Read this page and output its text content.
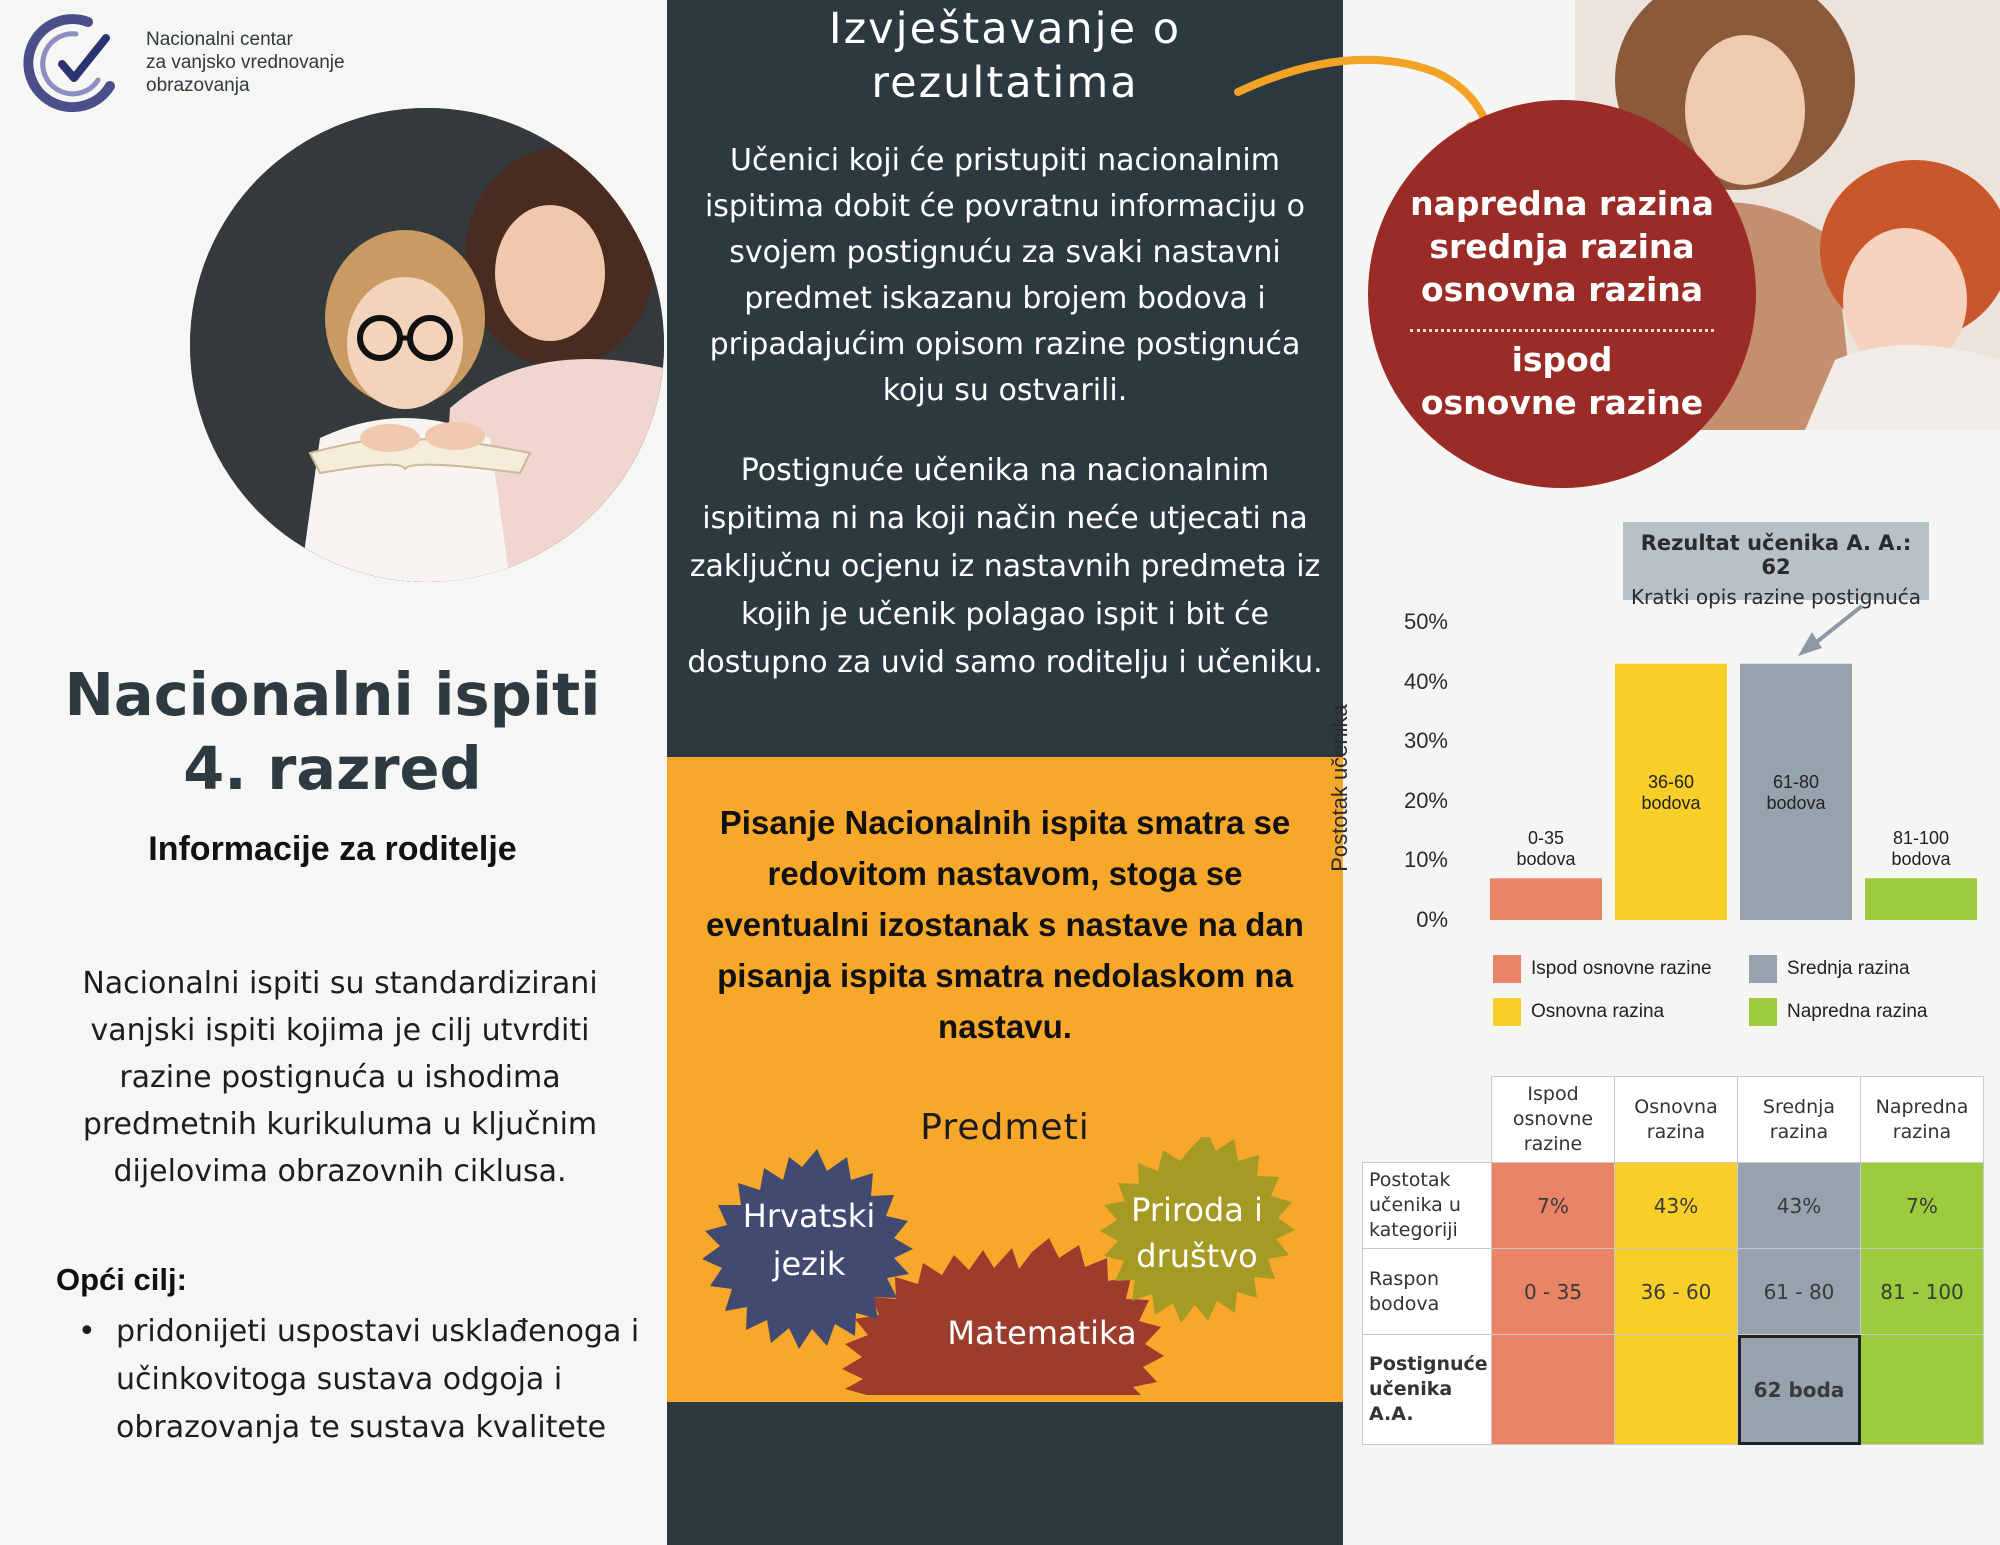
Nacionalni centar
za vanjsko vrednovanje
obrazovanja
Nacionalni ispiti
4. razred
Informacije za roditelje
Nacionalni ispiti su standardizirani vanjski ispiti kojima je cilj utvrditi razine postignuća u ishodima predmetnih kurikuluma u ključnim dijelovima obrazovnih ciklusa.
Opći cilj:
• pridonijeti uspostavi usklađenoga i učinkovitoga sustava odgoja i obrazovanja te sustava kvalitete
Izvještavanje o rezultatima
Učenici koji će pristupiti nacionalnim ispitima dobit će povratnu informaciju o svojem postignuću za svaki nastavni predmet iskazanu brojem bodova i pripadajućim opisom razine postignuća koju su ostvarili.
Postignuće učenika na nacionalnim ispitima ni na koji način neće utjecati na zaključnu ocjenu iz nastavnih predmeta iz kojih je učenik polagao ispit i bit će dostupno za uvid samo roditelju i učeniku.
Pisanje Nacionalnih ispita smatra se redovitom nastavom, stoga se eventualni izostanak s nastave na dan pisanja ispita smatra nedolaskom na nastavu.
Predmeti
Hrvatski jezik
Matematika
Priroda i društvo
napredna razina
srednja razina
osnovna razina
ispod
osnovne razine
Rezultat učenika A. A.: 62
Kratki opis razine postignuća
Postotak učenika
50%
40%
30%
20%
10%
0%
0-35
bodova
36-60
bodova
61-80
bodova
81-100
bodova
Ispod osnovne razine	Srednja razina
Osnovna razina	Napredna razina
	Ispod osnovne razine	Osnovna razina	Srednja razina	Napredna razina
Postotak učenika u kategoriji	7%	43%	43%	7%
Raspon bodova	0 - 35	36 - 60	61 - 80	81 - 100
Postignuće učenika A.A.			62 boda	
